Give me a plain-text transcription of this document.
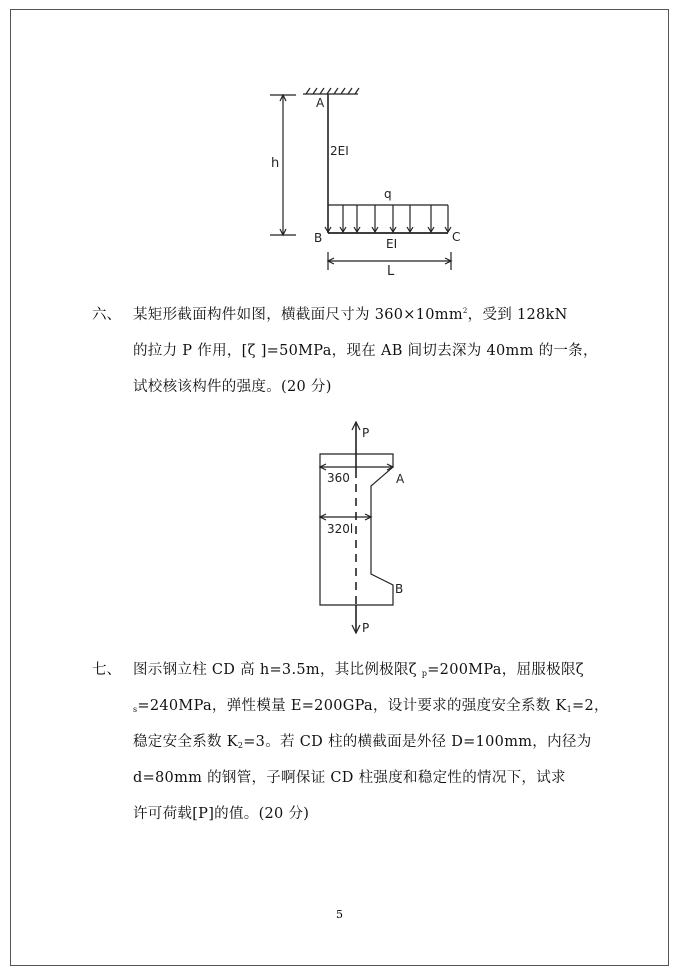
A
2EI
h
q
B	C
EI
L
六、 某矩形截面构件如图，横截面尺寸为 $360\times 10mm^2$，受到 128kN
的拉力 P 作用，[ζ ]=50MPa，现在 AB 间切去深为 40mm 的一条，
试校核该构件的强度。(20 分)
P
360	A
320l
B
P
七、 图示钢立柱 CD 高 h=3.5m，其比例极限ζ $_p$=200MPa，屈服极限ζ
$_s$=240MPa，弹性模量 E=200GPa，设计要求的强度安全系数 $K_1=2$，
稳定安全系数 $K_2=3$。若 CD 柱的横截面是外径 D=100mm，内径为
d=80mm 的钢管，子啊保证 CD 柱强度和稳定性的情况下，试求
许可荷载[P]的值。(20 分)
5
